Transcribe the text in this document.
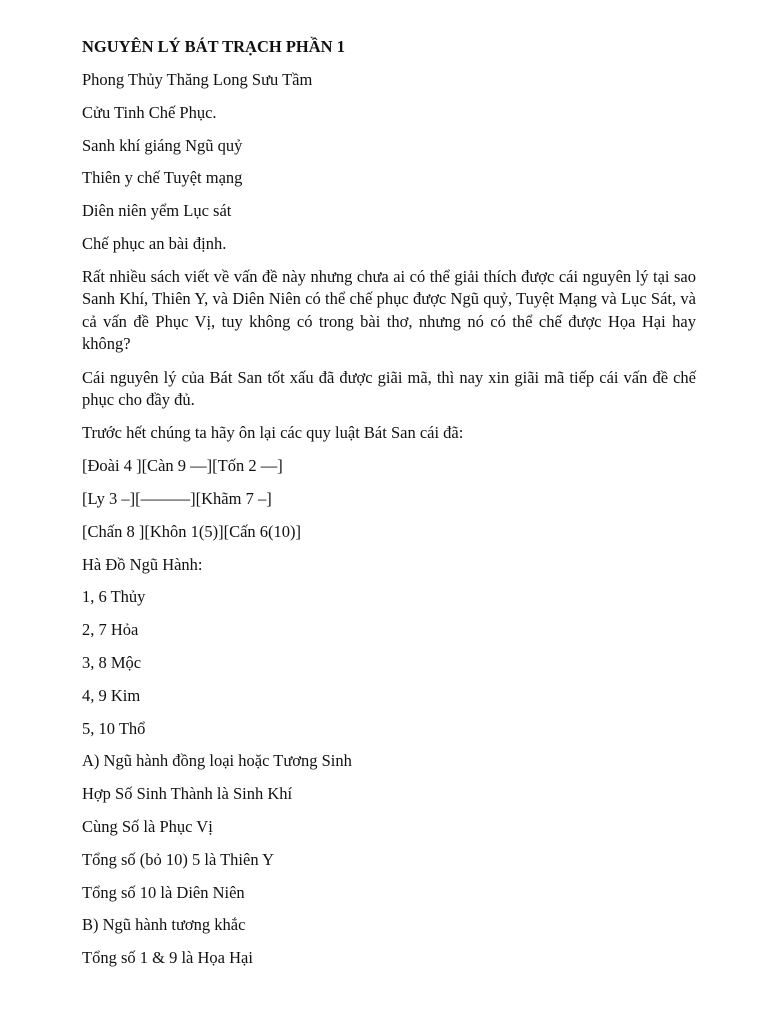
NGUYÊN LÝ BÁT TRẠCH PHẦN 1
Phong Thủy Thăng Long Sưu Tầm
Cửu Tinh Chế Phục.
Sanh khí giáng Ngũ quỷ
Thiên y chế Tuyệt mạng
Diên niên yểm Lục sát
Chế phục an bài định.
Rất nhiều sách viết về vấn đề này nhưng chưa ai có thể giải thích được cái nguyên lý tại sao Sanh Khí, Thiên Y, và Diên Niên có thể chế phục được Ngũ quỷ, Tuyệt Mạng và Lục Sát, và cả vấn đề Phục Vị, tuy không có trong bài thơ, nhưng nó có thể chế được Họa Hại hay không?
Cái nguyên lý của Bát San tốt xấu đã được giãi mã, thì nay xin giãi mã tiếp cái vấn đề chế phục cho đầy đủ.
Trước hết chúng ta hãy ôn lại các quy luật Bát San cái đã:
[Đoài 4 ][Càn 9 —][Tốn 2 —]
[Ly 3 –][———][Khãm 7 –]
[Chấn 8 ][Khôn 1(5)][Cấn 6(10)]
Hà Đồ Ngũ Hành:
1, 6 Thủy
2, 7 Hỏa
3, 8 Mộc
4, 9 Kim
5, 10 Thổ
A) Ngũ hành đồng loại hoặc Tương Sinh
Hợp Số Sinh Thành là Sinh Khí
Cùng Số là Phục Vị
Tổng số (bỏ 10) 5 là Thiên Y
Tổng số 10 là Diên Niên
B) Ngũ hành tương khắc
Tổng số 1 & 9 là Họa Hại
